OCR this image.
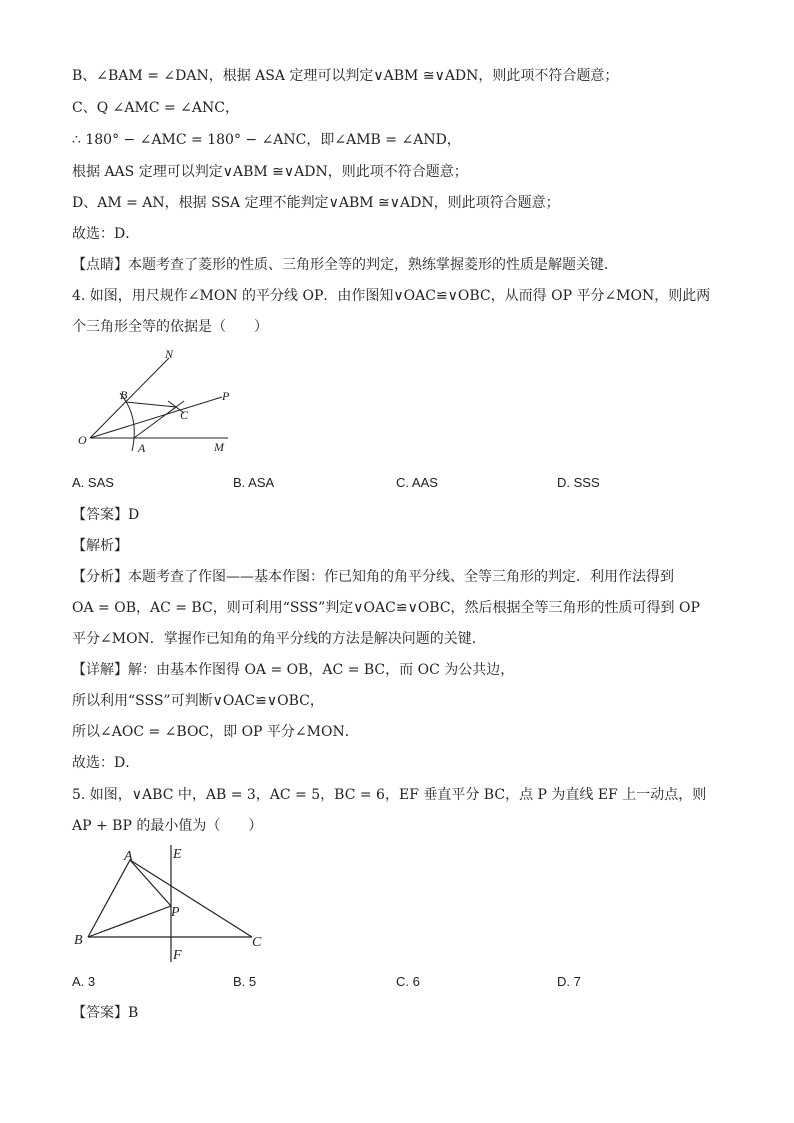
B、∠BAM = ∠DAN，根据 ASA 定理可以判定∨ABM ≅∨ADN，则此项不符合题意；
C、Q ∠AMC = ∠ANC，
∴ 180° − ∠AMC = 180° − ∠ANC，即∠AMB = ∠AND，
根据 AAS 定理可以判定∨ABM ≅∨ADN，则此项不符合题意；
D、AM = AN，根据 SSA 定理不能判定∨ABM ≅∨ADN，则此项符合题意；
故选：D．
【点睛】本题考查了菱形的性质、三角形全等的判定，熟练掌握菱形的性质是解题关键．
4. 如图，用尺规作∠MON 的平分线 OP．由作图知∨OAC≌∨OBC，从而得 OP 平分∠MON，则此两
个三角形全等的依据是（　　）
N
P
B
C
O
A	M
A. SAS	B. ASA	C. AAS	D. SSS
【答案】D
【解析】
【分析】本题考查了作图——基本作图：作已知角的角平分线、全等三角形的判定．利用作法得到
OA = OB，AC = BC，则可利用“SSS”判定∨OAC≌∨OBC，然后根据全等三角形的性质可得到 OP
平分∠MON．掌握作已知角的角平分线的方法是解决问题的关键．
【详解】解：由基本作图得 OA = OB，AC = BC，而 OC 为公共边，
所以利用“SSS”可判断∨OAC≌∨OBC，
所以∠AOC = ∠BOC，即 OP 平分∠MON．
故选：D．
5. 如图，∨ABC 中，AB = 3，AC = 5，BC = 6，EF 垂直平分 BC，点 P 为直线 EF 上一动点，则
AP + BP 的最小值为（　　）
A	E
P
B	C
F
A. 3	B. 5	C. 6	D. 7
【答案】B
